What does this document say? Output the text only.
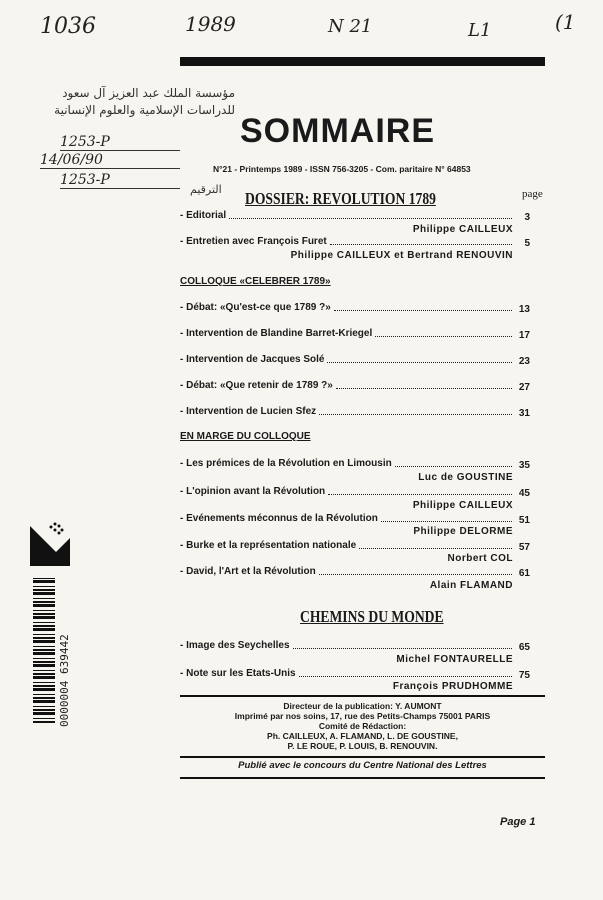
1036	1989	N 21	L1	(1
مؤسسة الملك عبد العزيز آل سعود
للدراسات الإسلامية والعلوم الإنسانية
1253-P
14/06/90
1253-P
الترقيم
SOMMAIRE
N°21 - Printemps 1989 - ISSN 756-3205 - Com. paritaire N° 64853
DOSSIER: REVOLUTION 1789	page
- Editorial	3
Philippe CAILLEUX
- Entretien avec François Furet	5
Philippe CAILLEUX et Bertrand RENOUVIN
COLLOQUE «CELEBRER 1789»
- Débat: «Qu'est-ce que 1789 ?»	13
- Intervention de Blandine Barret-Kriegel	17
- Intervention de Jacques Solé	23
- Débat: «Que retenir de 1789 ?»	27
- Intervention de Lucien Sfez	31
EN MARGE DU COLLOQUE
- Les prémices de la Révolution en Limousin	35
Luc de GOUSTINE
- L'opinion avant la Révolution	45
Philippe CAILLEUX
- Evénements méconnus de la Révolution	51
Philippe DELORME
- Burke et la représentation nationale	57
Norbert COL
- David, l'Art et la Révolution	61
Alain FLAMAND
CHEMINS DU MONDE
- Image des Seychelles	65
Michel FONTAURELLE
- Note sur les Etats-Unis	75
François PRUDHOMME
Directeur de la publication: Y. AUMONT
Imprimé par nos soins, 17, rue des Petits-Champs 75001 PARIS
Comité de Rédaction:
Ph. CAILLEUX, A. FLAMAND, L. DE GOUSTINE,
P. LE ROUE, P. LOUIS, B. RENOUVIN.
Publié avec le concours du Centre National des Lettres
Page 1
0000004 639442
